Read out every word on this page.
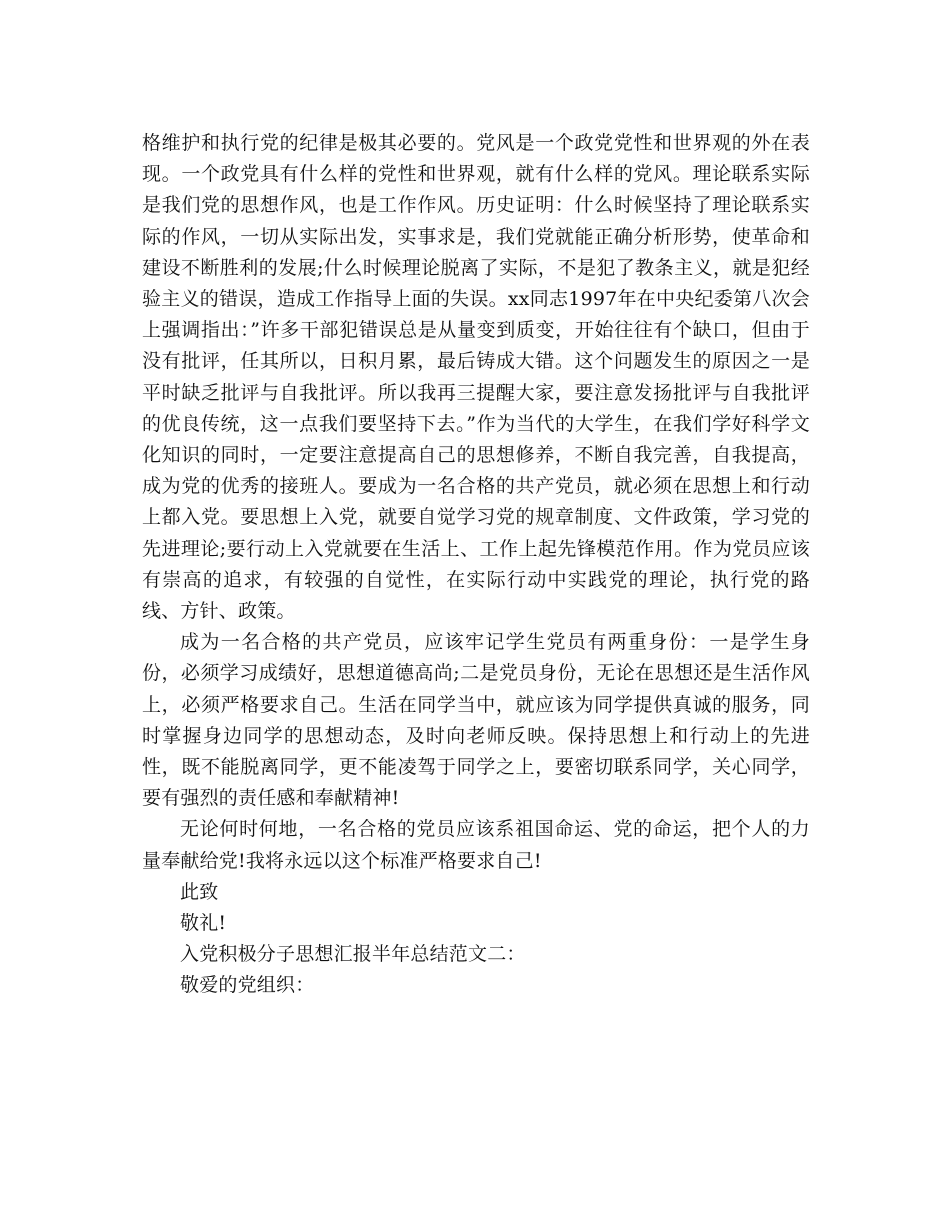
格维护和执行党的纪律是极其必要的。党风是一个政党党性和世界观的外在表现。一个政党具有什么样的党性和世界观，就有什么样的党风。理论联系实际是我们党的思想作风，也是工作作风。历史证明：什么时候坚持了理论联系实际的作风，一切从实际出发，实事求是，我们党就能正确分析形势，使革命和建设不断胜利的发展;什么时候理论脱离了实际，不是犯了教条主义，就是犯经验主义的错误，造成工作指导上面的失误。xx同志1997年在中央纪委第八次会上强调指出：”许多干部犯错误总是从量变到质变，开始往往有个缺口，但由于没有批评，任其所以，日积月累，最后铸成大错。这个问题发生的原因之一是平时缺乏批评与自我批评。所以我再三提醒大家，要注意发扬批评与自我批评的优良传统，这一点我们要坚持下去。”作为当代的大学生，在我们学好科学文化知识的同时，一定要注意提高自己的思想修养，不断自我完善，自我提高，成为党的优秀的接班人。要成为一名合格的共产党员，就必须在思想上和行动上都入党。要思想上入党，就要自觉学习党的规章制度、文件政策，学习党的先进理论;要行动上入党就要在生活上、工作上起先锋模范作用。作为党员应该有崇高的追求，有较强的自觉性，在实际行动中实践党的理论，执行党的路线、方针、政策。

成为一名合格的共产党员，应该牢记学生党员有两重身份：一是学生身份，必须学习成绩好，思想道德高尚;二是党员身份，无论在思想还是生活作风上，必须严格要求自己。生活在同学当中，就应该为同学提供真诚的服务，同时掌握身边同学的思想动态，及时向老师反映。保持思想上和行动上的先进性，既不能脱离同学，更不能凌驾于同学之上，要密切联系同学，关心同学，要有强烈的责任感和奉献精神!

无论何时何地，一名合格的党员应该系祖国命运、党的命运，把个人的力量奉献给党!我将永远以这个标准严格要求自己!

此致

敬礼!

入党积极分子思想汇报半年总结范文二：

敬爱的党组织：
